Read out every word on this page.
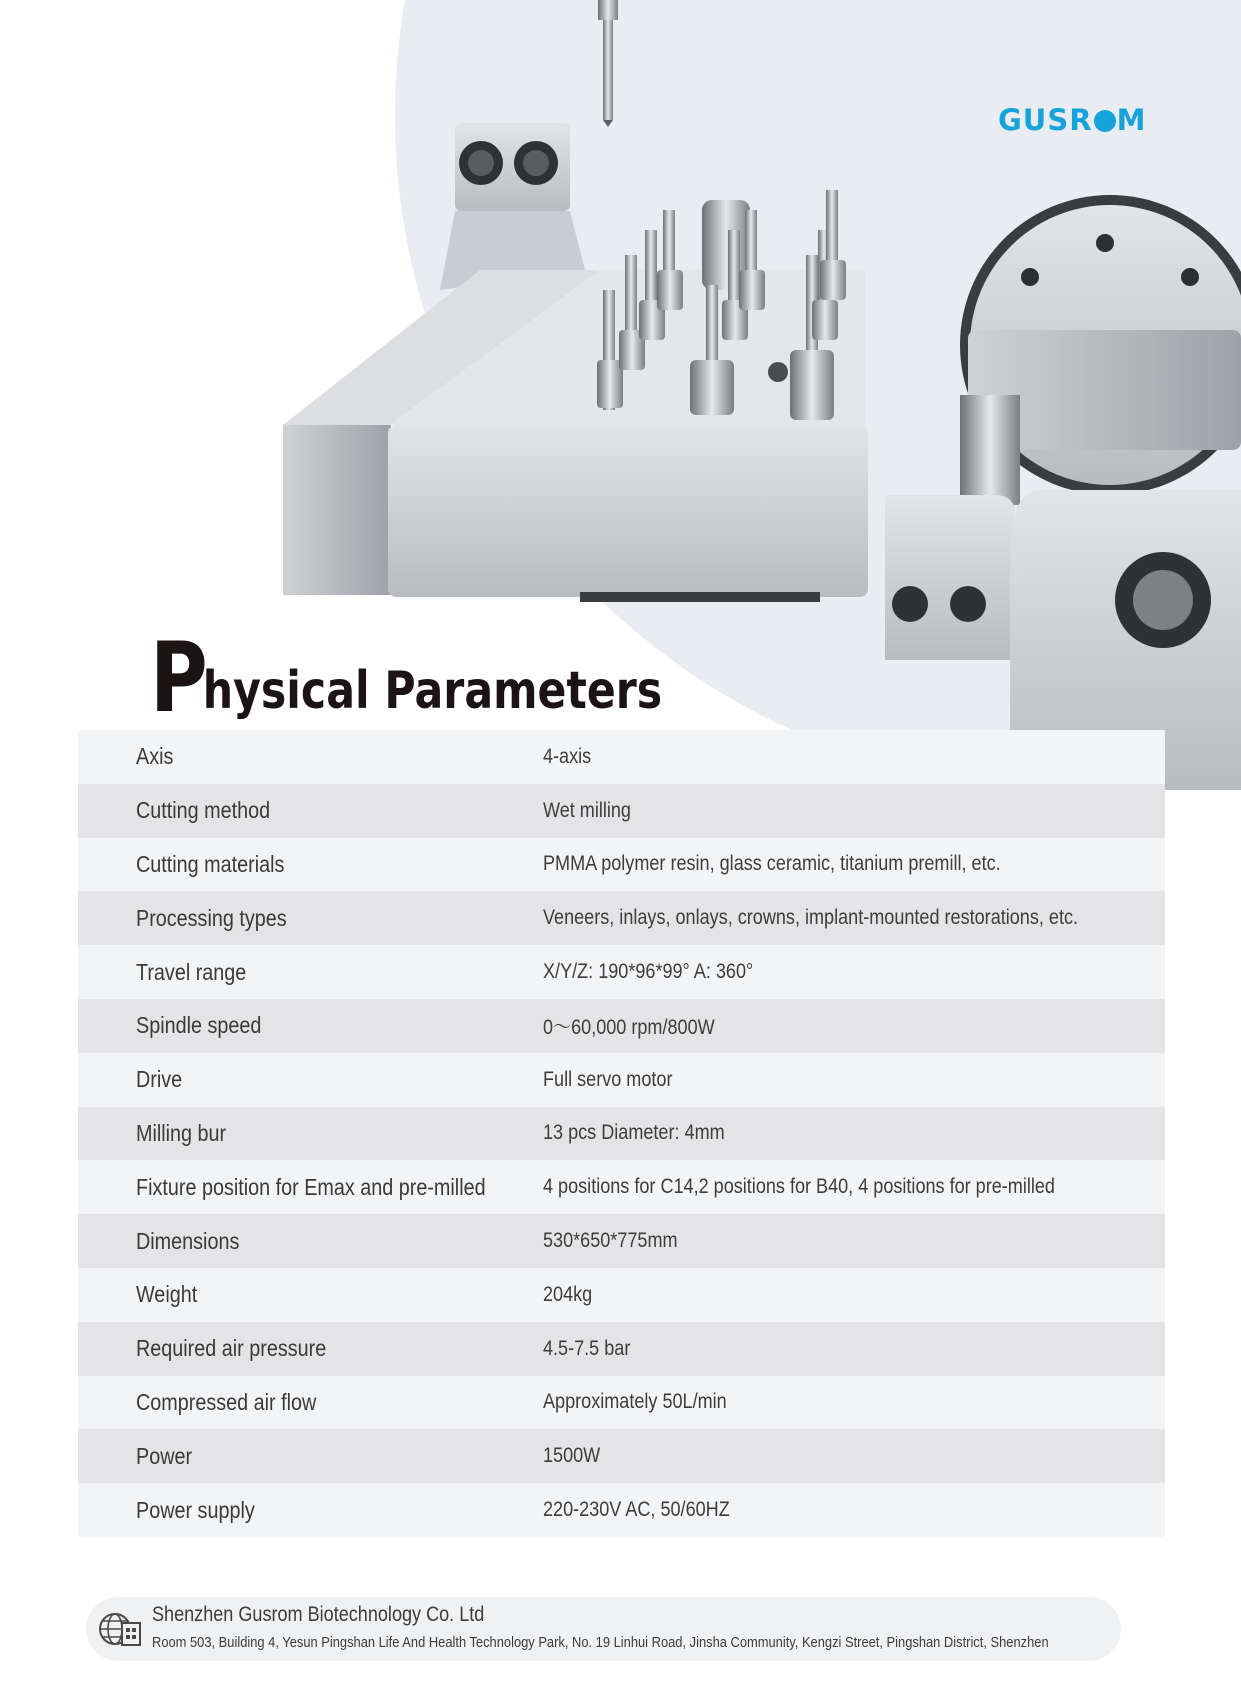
GUSR M
Physical Parameters
Axis	4-axis
Cutting method	Wet milling
Cutting materials	PMMA polymer resin, glass ceramic, titanium premill, etc.
Processing types	Veneers, inlays, onlays, crowns, implant-mounted restorations, etc.
Travel range	X/Y/Z: 190*96*99° A: 360°
Spindle speed	0～60,000 rpm/800W
Drive	Full servo motor
Milling bur	13 pcs Diameter: 4mm
Fixture position for Emax and pre-milled	4 positions for C14,2 positions for B40, 4 positions for pre-milled
Dimensions	530*650*775mm
Weight	204kg
Required air pressure	4.5-7.5 bar
Compressed air flow	Approximately 50L/min
Power	1500W
Power supply	220-230V AC, 50/60HZ
Shenzhen Gusrom Biotechnology Co. Ltd
Room 503, Building 4, Yesun Pingshan Life And Health Technology Park, No. 19 Linhui Road, Jinsha Community, Kengzi Street, Pingshan District, Shenzhen
